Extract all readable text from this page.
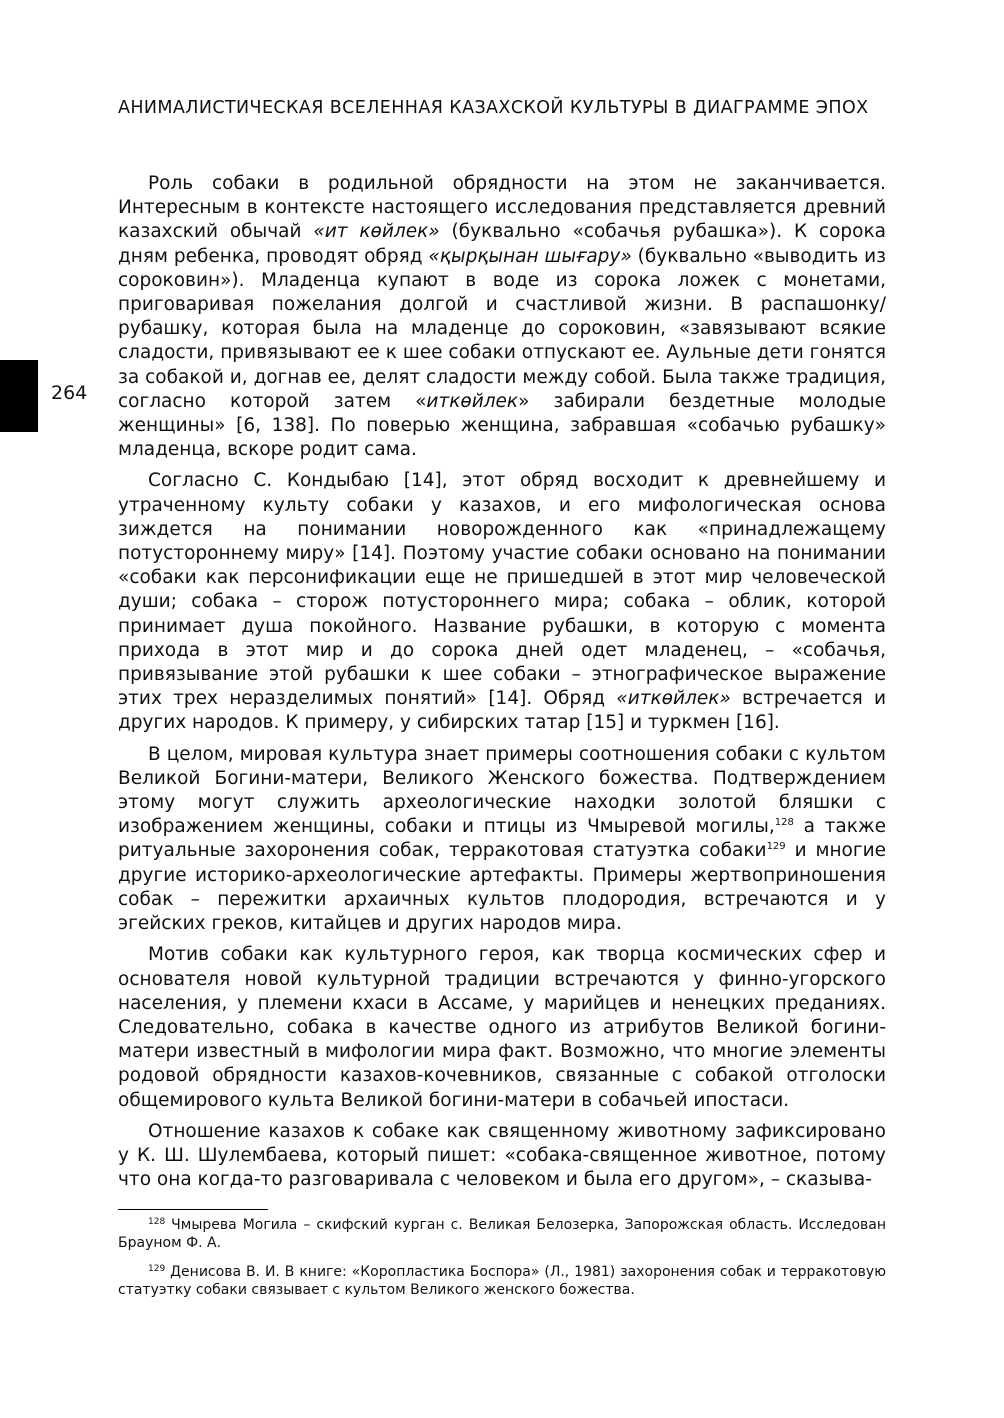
АНИМАЛИСТИЧЕСКАЯ ВСЕЛЕННАЯ КАЗАХСКОЙ КУЛЬТУРЫ В ДИАГРАММЕ ЭПОХ
264

Роль собаки в родильной обрядности на этом не заканчивается. Интересным в контексте настоящего исследования представляется древний казахский обычай «ит көйлек» (буквально «собачья рубашка»). К сорока дням ребенка, проводят обряд «қырқынан шығару» (буквально «выводить из сороковин»). Младенца купают в воде из сорока ложек с монетами, приговаривая пожелания долгой и счастливой жизни. В распашонку/рубашку, которая была на младенце до сороковин, «завязывают всякие сладости, привязывают ее к шее собаки отпускают ее. Аульные дети гонятся за собакой и, догнав ее, делят сладости между собой. Была также традиция, согласно которой затем «иткөйлек» забирали бездетные молодые женщины» [6, 138]. По поверью женщина, забравшая «собачью рубашку» младенца, вскоре родит сама.

Согласно С. Кондыбаю [14], этот обряд восходит к древнейшему и утраченному культу собаки у казахов, и его мифологическая основа зиждется на понимании новорожденного как «принадлежащему потустороннему миру» [14]. Поэтому участие собаки основано на понимании «собаки как персонификации еще не пришедшей в этот мир человеческой души; собака – сторож потустороннего мира; собака – облик, которой принимает душа покойного. Название рубашки, в которую с момента прихода в этот мир и до сорока дней одет младенец, – «собачья, привязывание этой рубашки к шее собаки – этнографическое выражение этих трех неразделимых понятий» [14]. Обряд «иткөйлек» встречается и других народов. К примеру, у сибирских татар [15] и туркмен [16].

В целом, мировая культура знает примеры соотношения собаки с культом Великой Богини-матери, Великого Женского божества. Подтверждением этому могут служить археологические находки золотой бляшки с изображением женщины, собаки и птицы из Чмыревой могилы,$^{128}$ а также ритуальные захоронения собак, терракотовая статуэтка собаки$^{129}$ и многие другие историко-археологические артефакты. Примеры жертвоприношения собак – пережитки архаичных культов плодородия, встречаются и у эгейских греков, китайцев и других народов мира.

Мотив собаки как культурного героя, как творца космических сфер и основателя новой культурной традиции встречаются у финно-угорского населения, у племени кхаси в Ассаме, у марийцев и ненецких преданиях. Следовательно, собака в качестве одного из атрибутов Великой богини-матери известный в мифологии мира факт. Возможно, что многие элементы родовой обрядности казахов-кочевников, связанные с собакой отголоски общемирового культа Великой богини-матери в собачьей ипостаси.

Отношение казахов к собаке как священному животному зафиксировано у К. Ш. Шулембаева, который пишет: «собака-священное животное, потому что она когда-то разговаривала с человеком и была его другом», – сказыва-

$^{128}$ Чмырева Могила – скифский курган с. Великая Белозерка, Запорожская область. Исследован Брауном Ф. А.

$^{129}$ Денисова В. И. В книге: «Коропластика Боспора» (Л., 1981) захоронения собак и терракотовую статуэтку собаки связывает с культом Великого женского божества.
